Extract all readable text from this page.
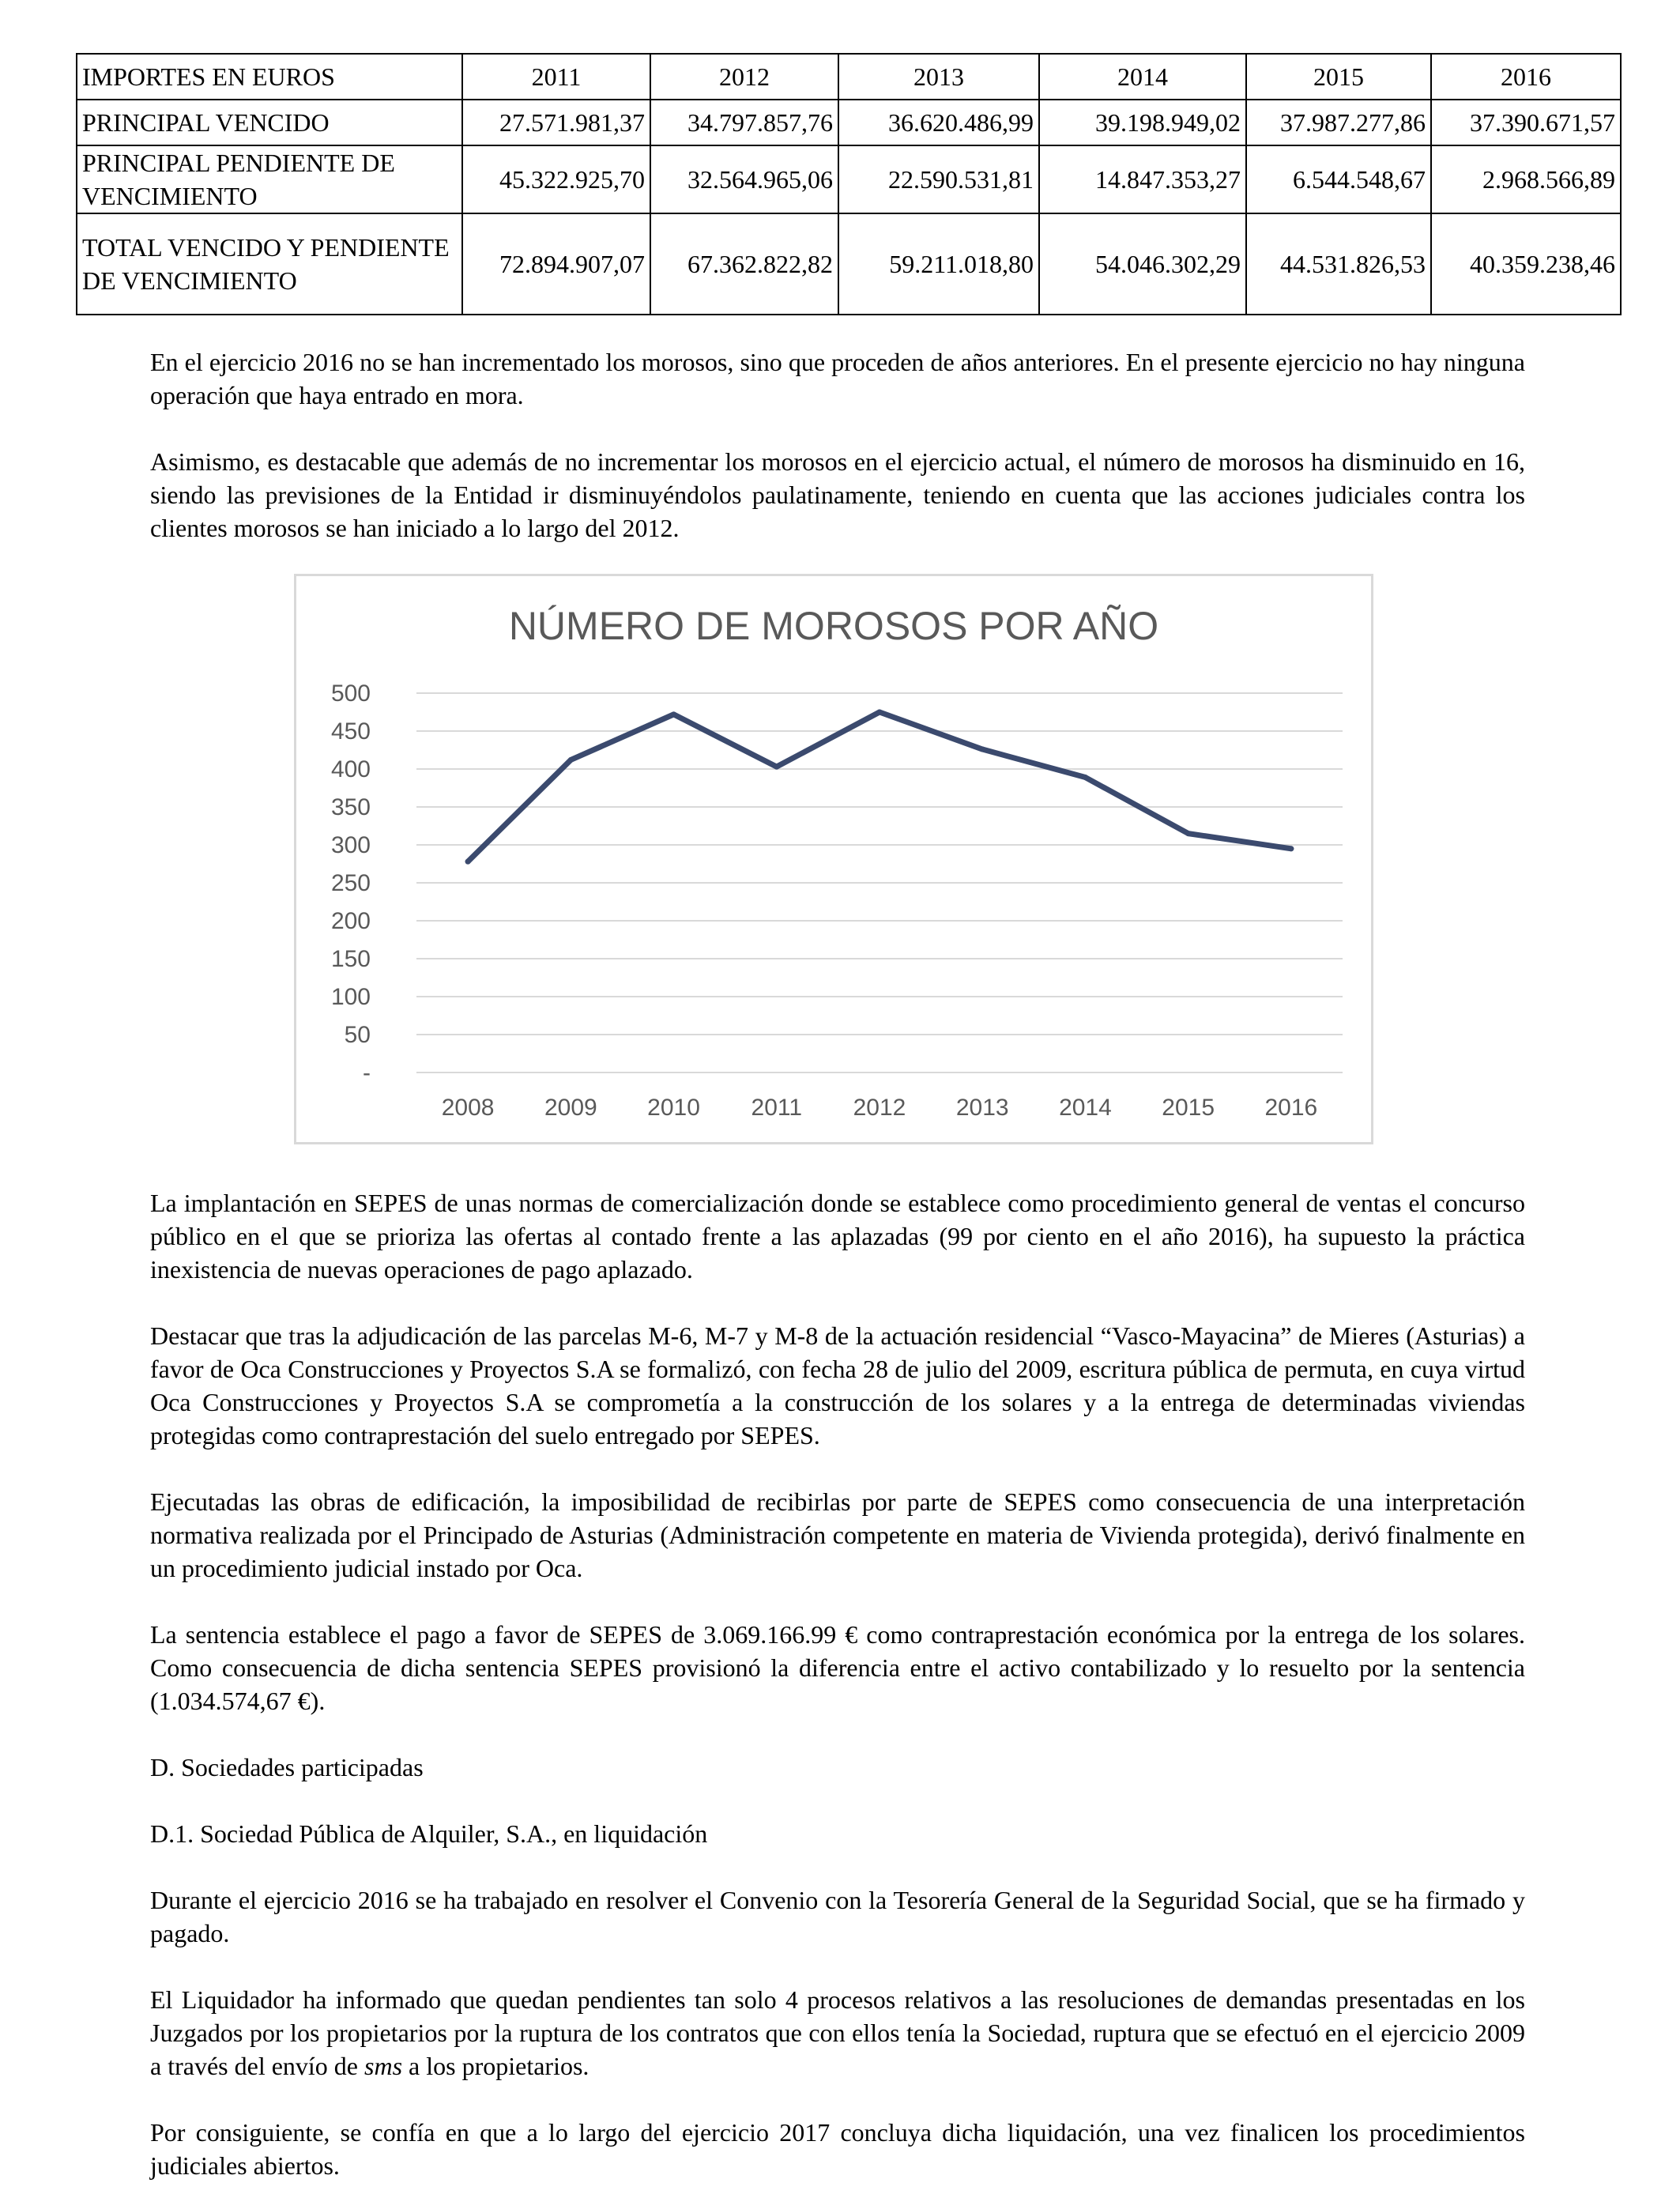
IMPORTES EN EUROS	2011	2012	2013	2014	2015	2016
PRINCIPAL VENCIDO	27.571.981,37	34.797.857,76	36.620.486,99	39.198.949,02	37.987.277,86	37.390.671,57
PRINCIPAL PENDIENTE DE VENCIMIENTO	45.322.925,70	32.564.965,06	22.590.531,81	14.847.353,27	6.544.548,67	2.968.566,89
TOTAL VENCIDO Y PENDIENTE DE VENCIMIENTO	72.894.907,07	67.362.822,82	59.211.018,80	54.046.302,29	44.531.826,53	40.359.238,46

En el ejercicio 2016 no se han incrementado los morosos, sino que proceden de años anteriores. En el presente ejercicio no hay ninguna operación que haya entrado en mora.

Asimismo, es destacable que además de no incrementar los morosos en el ejercicio actual, el número de morosos ha disminuido en 16, siendo las previsiones de la Entidad ir disminuyéndolos paulatinamente, teniendo en cuenta que las acciones judiciales contra los clientes morosos se han iniciado a lo largo del 2012.

NÚMERO DE MOROSOS POR AÑO
-
50
100
150
200
250
300
350
400
450
500
2008 2009 2010 2011 2012 2013 2014 2015 2016

La implantación en SEPES de unas normas de comercialización donde se establece como procedimiento general de ventas el concurso público en el que se prioriza las ofertas al contado frente a las aplazadas (99 por ciento en el año 2016), ha supuesto la práctica inexistencia de nuevas operaciones de pago aplazado.

Destacar que tras la adjudicación de las parcelas M-6, M-7 y M-8 de la actuación residencial “Vasco-Mayacina” de Mieres (Asturias) a favor de Oca Construcciones y Proyectos S.A se formalizó, con fecha 28 de julio del 2009, escritura pública de permuta, en cuya virtud Oca Construcciones y Proyectos S.A se comprometía a la construcción de los solares y a la entrega de determinadas viviendas protegidas como contraprestación del suelo entregado por SEPES.

Ejecutadas las obras de edificación, la imposibilidad de recibirlas por parte de SEPES como consecuencia de una interpretación normativa realizada por el Principado de Asturias (Administración competente en materia de Vivienda protegida), derivó finalmente en un procedimiento judicial instado por Oca.

La sentencia establece el pago a favor de SEPES de 3.069.166.99 € como contraprestación económica por la entrega de los solares. Como consecuencia de dicha sentencia SEPES provisionó la diferencia entre el activo contabilizado y lo resuelto por la sentencia (1.034.574,67 €).

D. Sociedades participadas

D.1. Sociedad Pública de Alquiler, S.A., en liquidación

Durante el ejercicio 2016 se ha trabajado en resolver el Convenio con la Tesorería General de la Seguridad Social, que se ha firmado y pagado.

El Liquidador ha informado que quedan pendientes tan solo 4 procesos relativos a las resoluciones de demandas presentadas en los Juzgados por los propietarios por la ruptura de los contratos que con ellos tenía la Sociedad, ruptura que se efectuó en el ejercicio 2009 a través del envío de sms a los propietarios.

Por consiguiente, se confía en que a lo largo del ejercicio 2017 concluya dicha liquidación, una vez finalicen los procedimientos judiciales abiertos.
